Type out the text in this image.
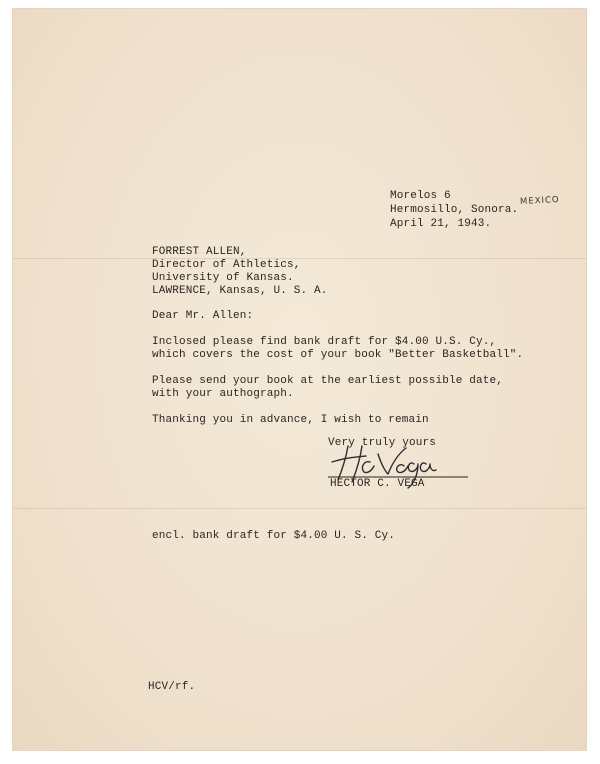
Morelos 6
Hermosillo, Sonora.
MEXICO
April 21, 1943.
FORREST ALLEN,
Director of Athletics,
University of Kansas.
LAWRENCE, Kansas, U. S. A.
Dear Mr. Allen:
Inclosed please find bank draft for $4.00 U.S. Cy.,
which covers the cost of your book "Better Basketball".
Please send your book at the earliest possible date,
with your authograph.
Thanking you in advance, I wish to remain
Very truly yours
HECTOR C. VEGA
encl. bank draft for $4.00 U. S. Cy.
HCV/rf.
